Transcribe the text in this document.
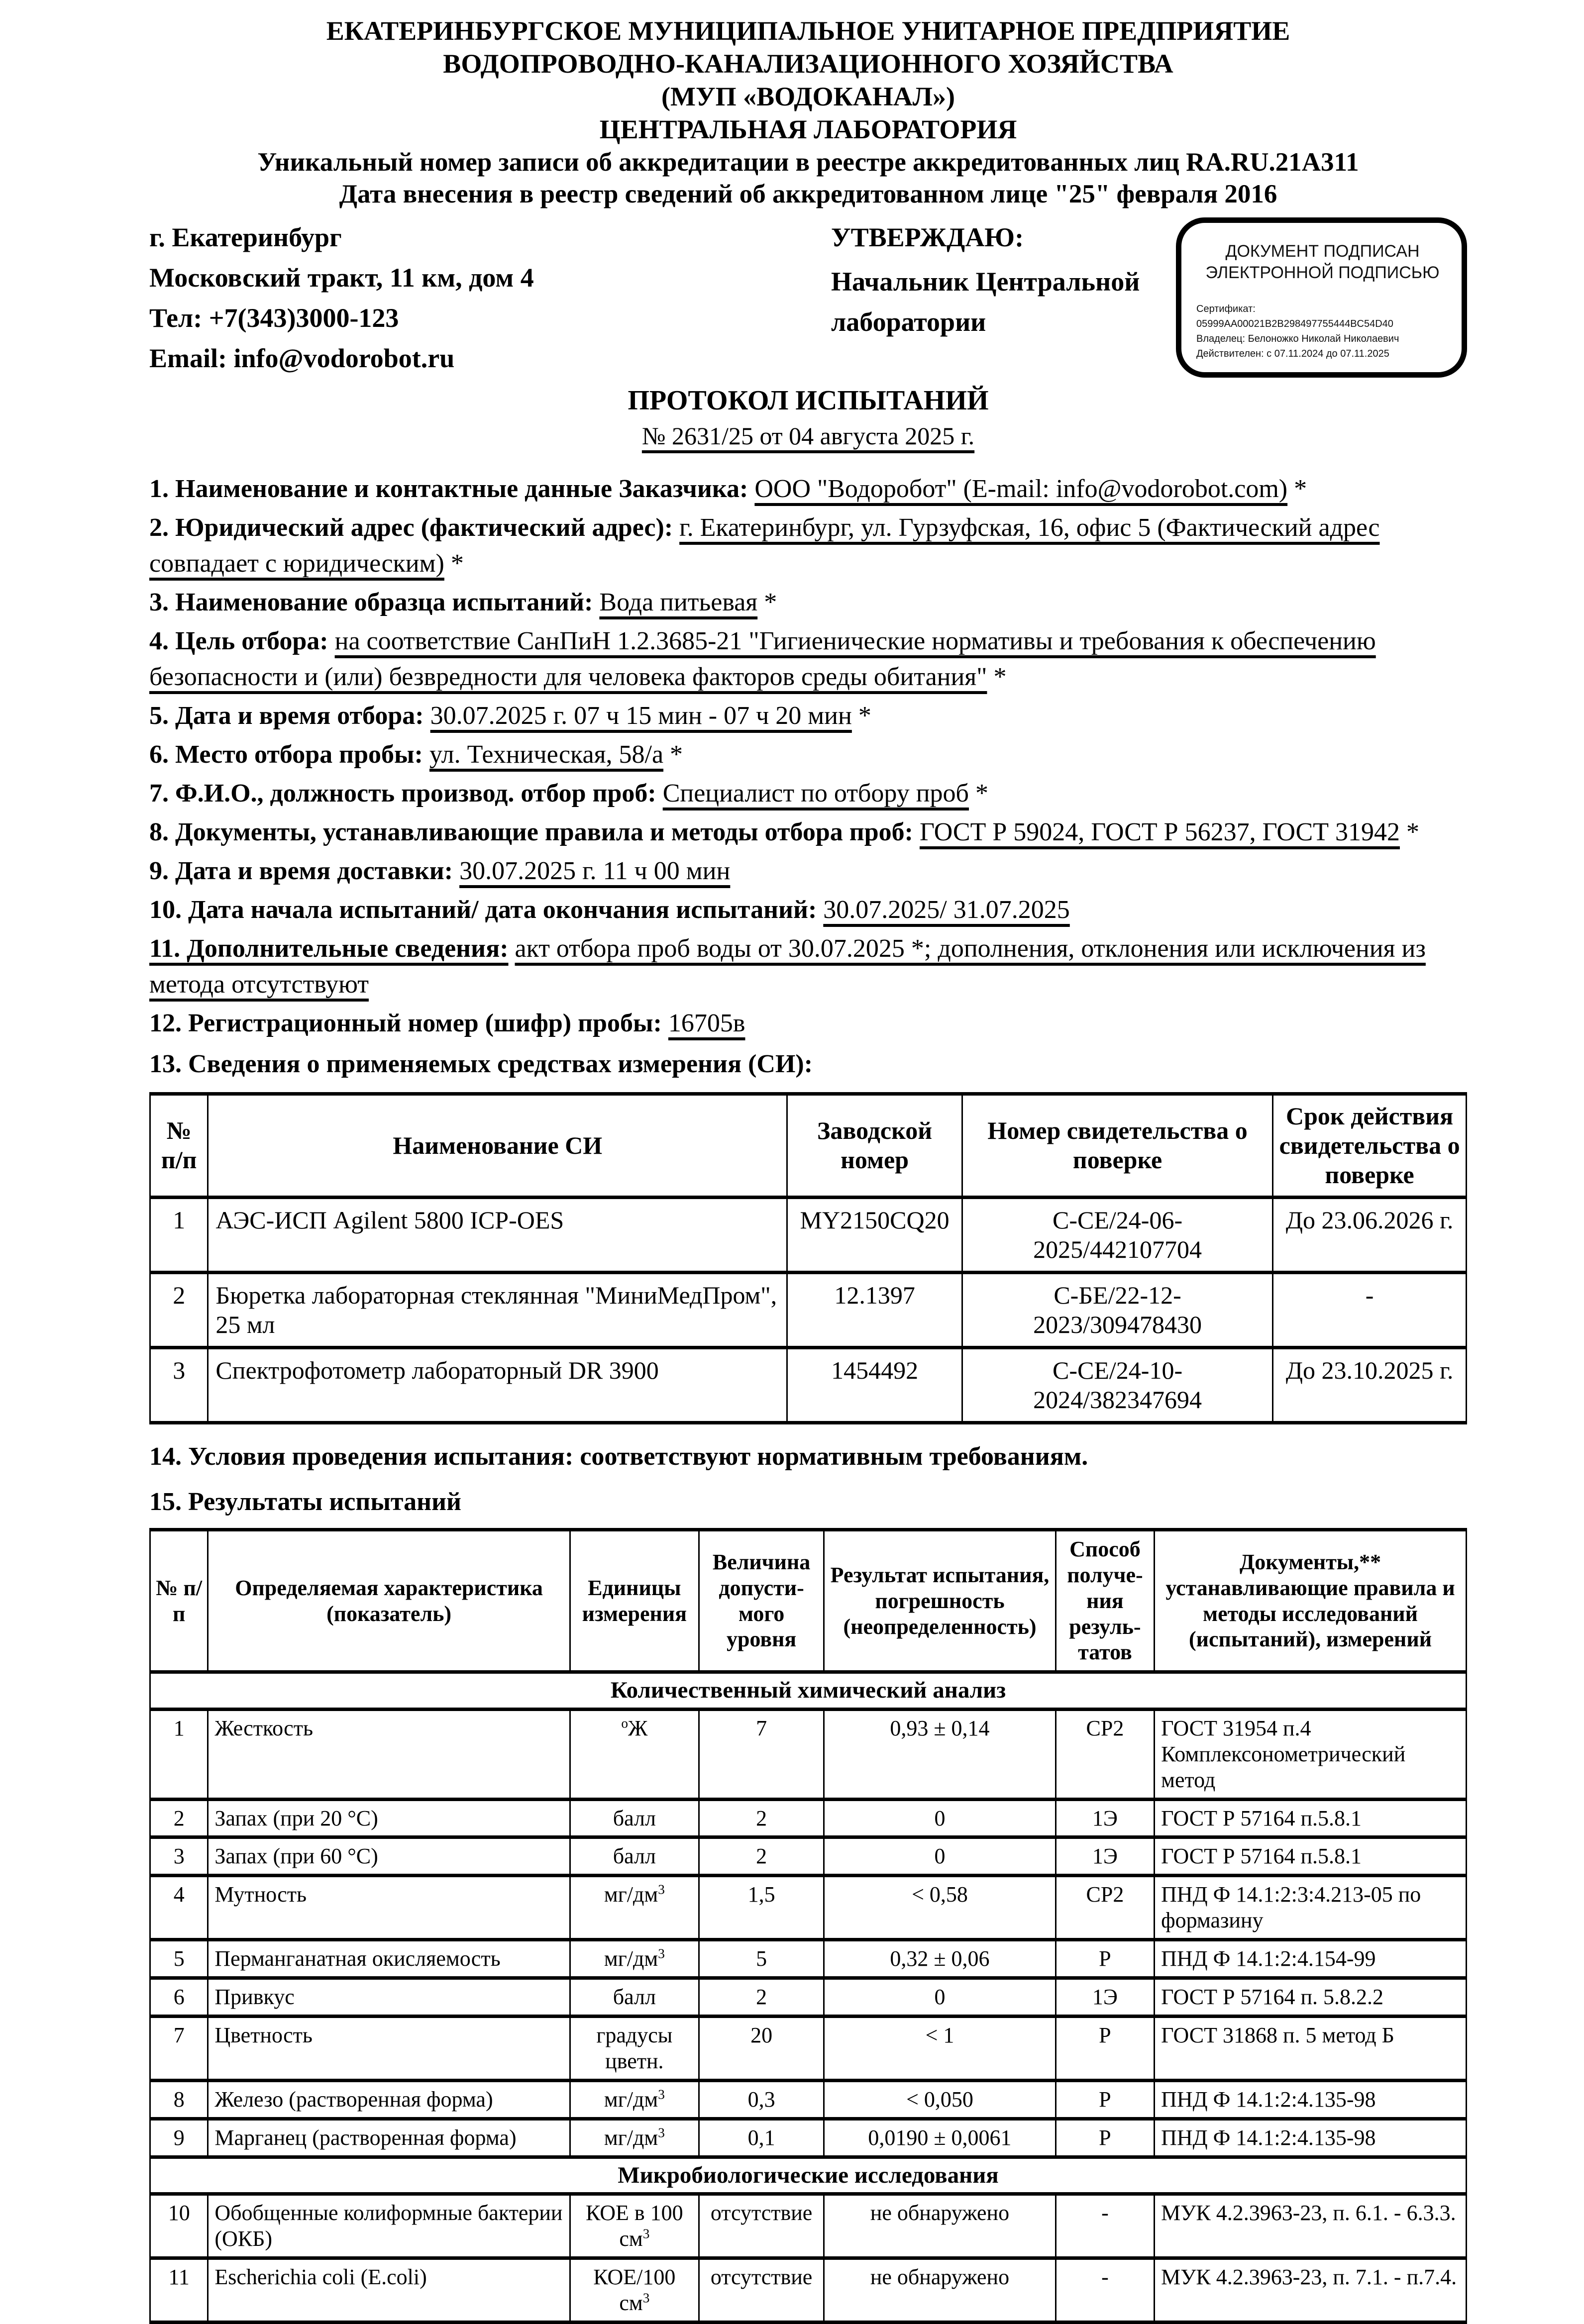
ЕКАТЕРИНБУРГСКОЕ МУНИЦИПАЛЬНОЕ УНИТАРНОЕ ПРЕДПРИЯТИЕ
ВОДОПРОВОДНО-КАНАЛИЗАЦИОННОГО ХОЗЯЙСТВА
(МУП «ВОДОКАНАЛ»)
ЦЕНТРАЛЬНАЯ ЛАБОРАТОРИЯ
Уникальный номер записи об аккредитации в реестре аккредитованных лиц RA.RU.21А311
Дата внесения в реестр сведений об аккредитованном лице "25" февраля 2016
г. Екатеринбург
Московский тракт, 11 км, дом 4
Тел: +7(343)3000-123
Email: info@vodorobot.ru
УТВЕРЖДАЮ:
Начальник Центральной лаборатории
ДОКУМЕНТ ПОДПИСАН
ЭЛЕКТРОННОЙ ПОДПИСЬЮ
Сертификат: 05999AA00021B2B298497755444BC54D40
Владелец: Белоножко Николай Николаевич
Действителен: с 07.11.2024 до 07.11.2025
ПРОТОКОЛ ИСПЫТАНИЙ
№ 2631/25 от 04 августа 2025 г.
1. Наименование и контактные данные Заказчика: ООО "Водоробот" (E-mail: info@vodorobot.com) *
2. Юридический адрес (фактический адрес): г. Екатеринбург, ул. Гурзуфская, 16, офис 5 (Фактический адрес совпадает с юридическим) *
3. Наименование образца испытаний: Вода питьевая *
4. Цель отбора: на соответствие СанПиН 1.2.3685-21 "Гигиенические нормативы и требования к обеспечению безопасности и (или) безвредности для человека факторов среды обитания" *
5. Дата и время отбора: 30.07.2025 г. 07 ч 15 мин - 07 ч 20 мин *
6. Место отбора пробы: ул. Техническая, 58/а *
7. Ф.И.О., должность производ. отбор проб: Специалист по отбору проб *
8. Документы, устанавливающие правила и методы отбора проб: ГОСТ Р 59024, ГОСТ Р 56237, ГОСТ 31942 *
9. Дата и время доставки: 30.07.2025 г. 11 ч 00 мин
10. Дата начала испытаний/ дата окончания испытаний: 30.07.2025/ 31.07.2025
11. Дополнительные сведения: акт отбора проб воды от 30.07.2025 *; дополнения, отклонения или исключения из метода отсутствуют
12. Регистрационный номер (шифр) пробы: 16705в
13. Сведения о применяемых средствах измерения (СИ):
№ п/п	Наименование СИ	Заводской номер	Номер свидетельства о поверке	Срок действия свидетельства о поверке
1	АЭС-ИСП Agilent 5800 ICP-OES	MY2150CQ20	С-СЕ/24-06-2025/442107704	До 23.06.2026 г.
2	Бюретка лабораторная стеклянная "МиниМедПром", 25 мл	12.1397	С-БЕ/22-12-2023/309478430	-
3	Спектрофотометр лабораторный DR 3900	1454492	С-СЕ/24-10-2024/382347694	До 23.10.2025 г.
14. Условия проведения испытания: соответствуют нормативным требованиям.
15. Результаты испытаний
№ п/п	Определяемая характеристика (показатель)	Единицы измерения	Величина допусти- мого уровня	Результат испытания, погрешность (неопределенность)	Способ получе- ния резуль- татов	Документы,** устанавливающие правила и методы исследований (испытаний), измерений
Количественный химический анализ						
1	Жесткость	$^о$Ж	7	0,93 ± 0,14	СР2	ГОСТ 31954 п.4 Комплексонометрический метод
2	Запах (при 20 °С)	балл	2	0	1Э	ГОСТ Р 57164 п.5.8.1
3	Запах (при 60 °С)	балл	2	0	1Э	ГОСТ Р 57164 п.5.8.1
4	Мутность	$мг/дм^3$	1,5	< 0,58	СР2	ПНД Ф 14.1:2:3:4.213-05 по формазину
5	Перманганатная окисляемость	$мг/дм^3$	5	0,32 ± 0,06	Р	ПНД Ф 14.1:2:4.154-99
6	Привкус	балл	2	0	1Э	ГОСТ Р 57164 п. 5.8.2.2
7	Цветность	градусы цветн.	20	< 1	Р	ГОСТ 31868 п. 5 метод Б
8	Железо (растворенная форма)	$мг/дм^3$	0,3	< 0,050	Р	ПНД Ф 14.1:2:4.135-98
9	Марганец (растворенная форма)	$мг/дм^3$	0,1	0,0190 ± 0,0061	Р	ПНД Ф 14.1:2:4.135-98
Микробиологические исследования						
10	Обобщенные колиформные бактерии (ОКБ)	КОЕ в 100 $см^3$	отсутствие	не обнаружено	-	МУК 4.2.3963-23, п. 6.1. - 6.3.3.
11	Escherichia coli (E.coli)	КОЕ/100 $см^3$	отсутствие	не обнаружено	-	МУК 4.2.3963-23, п. 7.1. - п.7.4.
